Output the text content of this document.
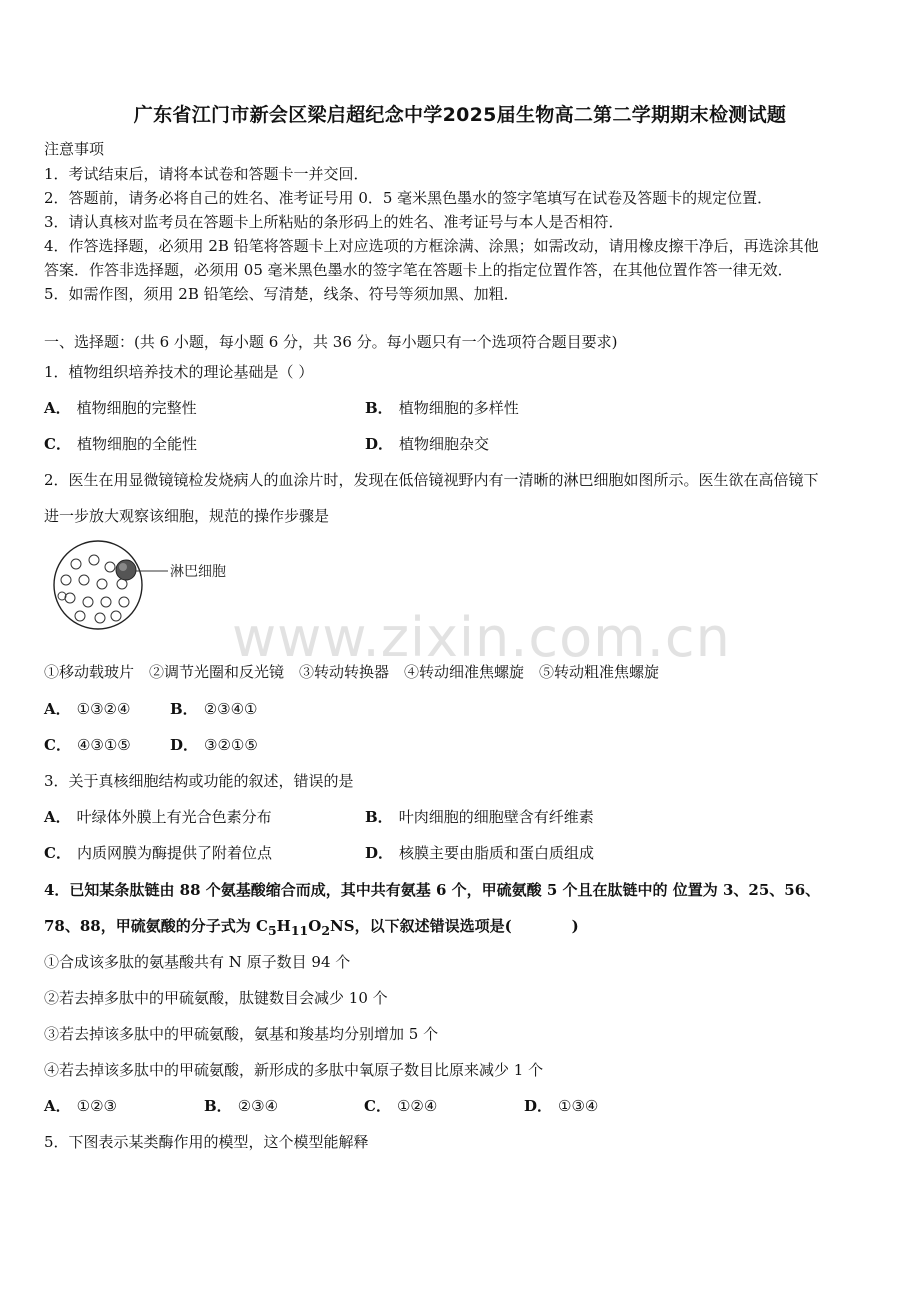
广东省江门市新会区梁启超纪念中学2025届生物高二第二学期期末检测试题
注意事项
1．考试结束后，请将本试卷和答题卡一并交回．
2．答题前，请务必将自己的姓名、准考证号用 0．5 毫米黑色墨水的签字笔填写在试卷及答题卡的规定位置．
3．请认真核对监考员在答题卡上所粘贴的条形码上的姓名、准考证号与本人是否相符．
4．作答选择题，必须用 2B 铅笔将答题卡上对应选项的方框涂满、涂黑；如需改动，请用橡皮擦干净后，再选涂其他
答案．作答非选择题，必须用 05 毫米黑色墨水的签字笔在答题卡上的指定位置作答，在其他位置作答一律无效．
5．如需作图，须用 2B 铅笔绘、写清楚，线条、符号等须加黑、加粗．
一、选择题：(共 6 小题，每小题 6 分，共 36 分。每小题只有一个选项符合题目要求)
1．植物组织培养技术的理论基础是（ ）
A． 植物细胞的完整性	B． 植物细胞的多样性
C． 植物细胞的全能性	D． 植物细胞杂交
2．医生在用显微镜镜检发烧病人的血涂片时，发现在低倍镜视野内有一清晰的淋巴细胞如图所示。医生欲在高倍镜下
进一步放大观察该细胞，规范的操作步骤是
淋巴细胞
www.zixin.com.cn
①移动载玻片　②调节光圈和反光镜　③转动转换器　④转动细准焦螺旋　⑤转动粗准焦螺旋
A． ①③②④	B． ②③④①
C． ④③①⑤	D． ③②①⑤
3．关于真核细胞结构或功能的叙述，错误的是
A． 叶绿体外膜上有光合色素分布	B． 叶肉细胞的细胞壁含有纤维素
C． 内质网膜为酶提供了附着位点	D． 核膜主要由脂质和蛋白质组成
4．已知某条肽链由 88 个氨基酸缩合而成，其中共有氨基 6 个，甲硫氨酸 5 个且在肽链中的 位置为 3、25、56、
78、88，甲硫氨酸的分子式为 $C_5H_{11}O_2NS$，以下叙述错误选项是(　　　　)
①合成该多肽的氨基酸共有 N 原子数目 94 个
②若去掉多肽中的甲硫氨酸，肽键数目会减少 10 个
③若去掉该多肽中的甲硫氨酸，氨基和羧基均分别增加 5 个
④若去掉该多肽中的甲硫氨酸，新形成的多肽中氧原子数目比原来减少 1 个
A． ①②③	B． ②③④	C． ①②④	D． ①③④
5．下图表示某类酶作用的模型，这个模型能解释
